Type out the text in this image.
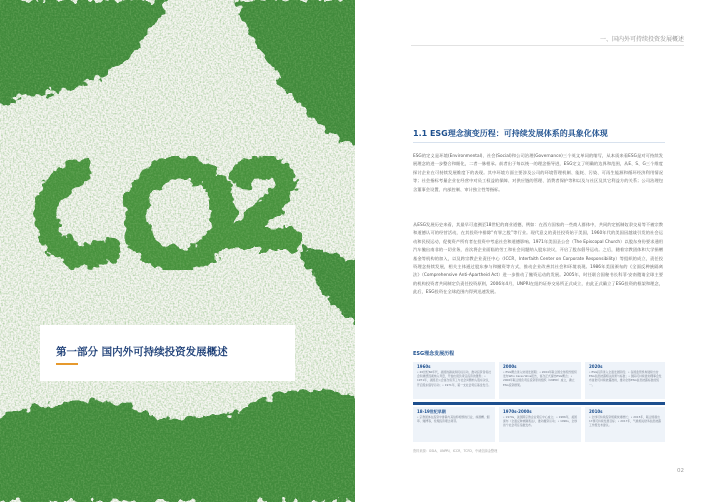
CO2
第一部分 国内外可持续投资发展概述
一、国内外可持续投资发展概述
1.1 ESG理念演变历程：可持续发展体系的具象化体现

ESG的定义是环境(Environmental)、社会(Social)和公司治理(Governance)三个英文单词的缩写，从本质来看ESG是对可持续发展理念的进一步整合和细化，二者一脉相承。前者出于每以统一的理念指导进，ESG定义了明确的边界和范围，从E、S、G三个维度探讨企业在可持续发展维度下的表现。其中环境方面主要涉及公司的环境管理机制、能耗、污染、可再生能源和循环经济利用情况等；社会指标考量企业在经营中对员工权益的保障、对供应链的管理、消费者保护等和以及与社区及其它利益方的关系；公司治理包含董事会设置、内部控制、审计独立性等指标。

从ESG发展历史来看，其最早可追溯至18世纪的商业道德，例如：在西方国家的一些商人群体中，共同约定抵制奴隶交易等不被宗教和道德认可的经营活动，在其投资中排除“有罪之股”等行业。现代意义的责任投资始于美国，1960年代的美国因越战引发的社会运动和民权运动，促使资产所有者在投资中考虑社会和道德影响。1971年美国圣公会（The Episcopal Church）以股东身份要求通用汽车撤出南非的一切业务，首次将企业面临的劳工和社会问题纳入股东决议，开启了股东倡导运动。之后，随着宗教团体和大学捐赠基金等机构的加入，以及跨宗教企业责任中心（ICCR，Interfaith Center on Corporate Responsibility）等组织的成立，责任投资理念持续发展，相关主体通过股东参与和撤资等方式，推动企业改善其社会和环境表现。1986年美国颁布的《全面反种族隔离法》（Comprehensive Anti-Apartheid Act）进一步推动了撤资运动的发展。2005年，时任联合国秘书长科菲·安南邀请全球主要的机构投资者共同制定负责任投资原则，2006年4月，UNPRI在纽约证券交易所正式成立，由此正式确立了ESG投资的框架和理念，此后，ESG投资在全球范围内得到迅速发展。

ESG理念发展历程
1960s
• 20世纪60年代，美国的越战和民权运动，推动投资者将社会和道德因素纳入考量，开始出现负责任投资的雏形；• 1971年，美国圣公会首次将劳工与社会问题纳入股东决议，开启股东倡导运动；• 1971年，第一支社会责任基金发行。
2000s
• ESG概念进入快速发展期；• 2004年联合国全球契约组织发布Who Cares Wins报告，首次正式提出ESG概念；• 2006年联合国负责任投资原则组织（UNPRI）成立，确立ESG投资框架。
2020s
• ESG投资进入全面发展阶段；• 各国监管机构陆续出台ESG信息披露相关政策与标准；• 国际可持续准则理事会发布首批可持续披露准则，推动全球ESG信息披露标准的统一。
18-19世纪早期
• 宗教团体在投资中排除与其信仰相悖的行业，如酒精、烟草、赌博等，伦理投资理念萌芽。
1970s-2000s
• 1970s，美国跨宗教企业责任中心成立；• 1986年，美国颁布《全面反种族隔离法》，推动撤资运动；• 1990s，全球首个社会责任指数发布。
2010s
• 全球可持续投资规模快速增长；• 2015年，联合国提出17项可持续发展目标；• 2017年，气候相关财务信息披露工作组发布建议。
资料来源：GSIA，UNPRI，ICCR，TCFD，中诚信绿金整理
02
